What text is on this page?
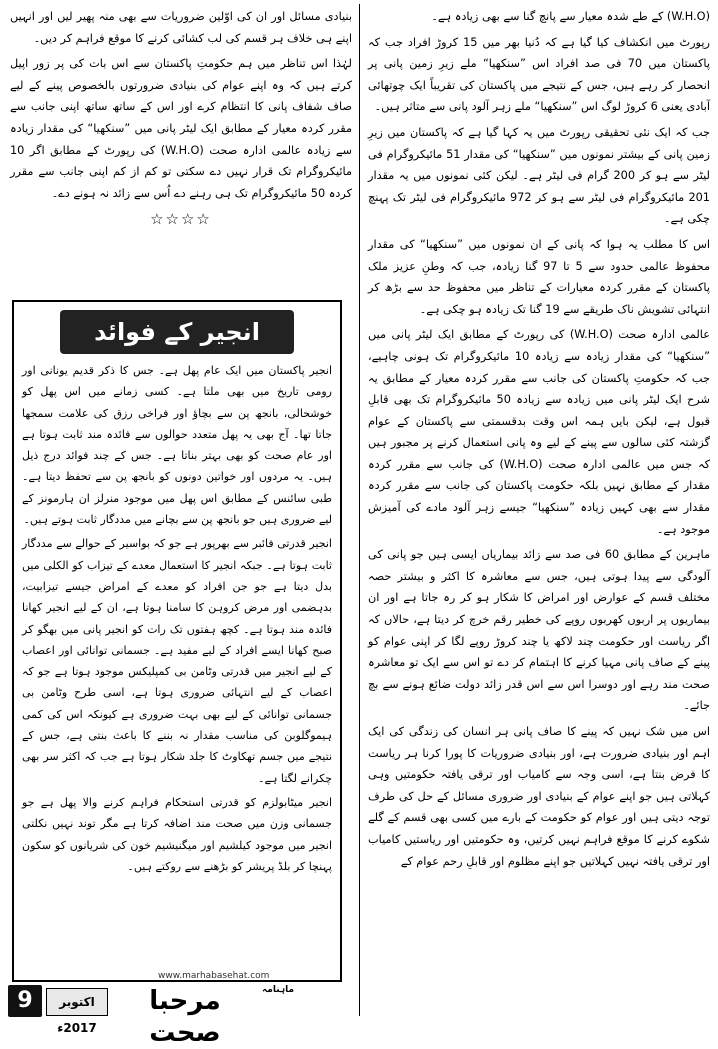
(W.H.O) کے طے شدہ معیار سے پانچ گنا سے بھی زیادہ ہے۔

رپورٹ میں انکشاف کیا گیا ہے کہ دُنیا بھر میں 15 کروڑ افراد جب کہ پاکستان میں 70 فی صد افراد اس ”سنکھیا“ ملے زیرِ زمین پانی پر انحصار کر رہے ہیں، جس کے نتیجے میں پاکستان کی تقریباً ایک چوتھائی آبادی یعنی 6 کروڑ لوگ اس ”سنکھیا“ ملے زہر آلود پانی سے متاثر ہیں۔

جب کہ ایک نئی تحقیقی رپورٹ میں یہ کہا گیا ہے کہ پاکستان میں زیرِ زمین پانی کے بیشتر نمونوں میں ”سنکھیا“ کی مقدار 51 مائیکروگرام فی لیٹر سے ہو کر 200 گرام فی لیٹر ہے۔ لیکن کئی نمونوں میں یہ مقدار 201 مائیکروگرام فی لیٹر سے ہو کر 972 مائیکروگرام فی لیٹر تک پہنچ چکی ہے۔

اس کا مطلب یہ ہوا کہ پانی کے ان نمونوں میں ”سنکھیا“ کی مقدار محفوظ عالمی حدود سے 5 تا 97 گنا زیادہ، جب کہ وطنِ عزیز ملک پاکستان کے مقرر کردہ معیارات کے تناظر میں محفوظ حد سے بڑھ کر انتہائی تشویش ناک طریقے سے 19 گنا تک زیادہ ہو چکی ہے۔

عالمی ادارہ صحت (W.H.O) کی رپورٹ کے مطابق ایک لیٹر پانی میں ”سنکھیا“ کی مقدار زیادہ سے زیادہ 10 مائیکروگرام تک ہونی چاہیے، جب کہ حکومتِ پاکستان کی جانب سے مقرر کردہ معیار کے مطابق یہ شرح ایک لیٹر پانی میں زیادہ سے زیادہ 50 مائیکروگرام تک بھی قابلِ قبول ہے، لیکن بایں ہمہ اس وقت بدقسمتی سے پاکستان کے عوام گزشتہ کئی سالوں سے پینے کے لیے وہ پانی استعمال کرنے پر مجبور ہیں کہ جس میں عالمی ادارہ صحت (W.H.O) کی جانب سے مقرر کردہ مقدار کے مطابق نہیں بلکہ حکومت پاکستان کی جانب سے مقرر کردہ مقدار سے بھی کہیں زیادہ ”سنکھیا“ جیسے زہر آلود مادے کی آمیزش موجود ہے۔

ماہرین کے مطابق 60 فی صد سے زائد بیماریاں ایسی ہیں جو پانی کی آلودگی سے پیدا ہوتی ہیں، جس سے معاشرہ کا اکثر و بیشتر حصہ مختلف قسم کے عوارض اور امراض کا شکار ہو کر رہ جاتا ہے اور ان بیماریوں پر اربوں کھربوں روپے کی خطیر رقم خرچ کر دیتا ہے، حالاں کہ اگر ریاست اور حکومت چند لاکھ یا چند کروڑ روپے لگا کر اپنی عوام کو پینے کے صاف پانی مہیا کرنے کا اہتمام کر دے تو اس سے ایک تو معاشرہ صحت مند رہے اور دوسرا اس سے اس قدر زائد دولت ضائع ہونے سے بچ جائے۔

اس میں شک نہیں کہ پینے کا صاف پانی ہر انسان کی زندگی کی ایک اہم اور بنیادی ضرورت ہے، اور بنیادی ضروریات کا پورا کرنا ہر ریاست کا فرض بنتا ہے، اسی وجہ سے کامیاب اور ترقی یافتہ حکومتیں وہی کہلاتی ہیں جو اپنے عوام کے بنیادی اور ضروری مسائل کے حل کی طرف توجہ دیتی ہیں اور عوام کو حکومت کے بارے میں کسی بھی قسم کے گلے شکوے کرنے کا موقع فراہم نہیں کرتیں، وہ حکومتیں اور ریاستیں کامیاب اور ترقی یافتہ نہیں کہلاتیں جو اپنے مظلوم اور قابلِ رحم عوام کے

بنیادی مسائل اور ان کی اوّلین ضروریات سے بھی منہ پھیر لیں اور انہیں اپنے ہی خلاف ہر قسم کی لب کشائی کرنے کا موقع فراہم کر دیں۔

لہٰذا اس تناظر میں ہم حکومتِ پاکستان سے اس بات کی پر زور اپیل کرتے ہیں کہ وہ اپنے عوام کی بنیادی ضرورتوں بالخصوص پینے کے لیے صاف شفاف پانی کا انتظام کرے اور اس کے ساتھ ساتھ اپنی جانب سے مقرر کردہ معیار کے مطابق ایک لیٹر پانی میں ”سنکھیا“ کی مقدار زیادہ سے زیادہ عالمی ادارہ صحت (W.H.O) کی رپورٹ کے مطابق اگر 10 مائیکروگرام تک قرار نہیں دے سکتی تو کم از کم اپنی جانب سے مقرر کردہ 50 مائیکروگرام تک ہی رہنے دے اُس سے زائد نہ ہونے دے۔

☆☆☆☆
انجیر کے فوائد

انجیر پاکستان میں ایک عام پھل ہے۔ جس کا ذکر قدیم یونانی اور رومی تاریخ میں بھی ملتا ہے۔ کسی زمانے میں اس پھل کو خوشحالی، بانجھ پن سے بچاؤ اور فراخی رزق کی علامت سمجھا جاتا تھا۔ آج بھی یہ پھل متعدد حوالوں سے فائدہ مند ثابت ہوتا ہے اور عام صحت کو بھی بہتر بناتا ہے۔ جس کے چند فوائد درج ذیل ہیں۔ یہ مردوں اور خواتین دونوں کو بانجھ پن سے تحفظ دیتا ہے۔ طبی سائنس کے مطابق اس پھل میں موجود منرلز ان ہارمونز کے لیے ضروری ہیں جو بانجھ پن سے بچانے میں مددگار ثابت ہوتے ہیں۔

انجیر قدرتی فائبر سے بھرپور ہے جو کہ بواسیر کے حوالے سے مددگار ثابت ہوتا ہے۔ جبکہ انجیر کا استعمال معدے کے تیزاب کو الکلی میں بدل دیتا ہے جو جن افراد کو معدے کے امراض جیسے تیزابیت، بدہضمی اور مرض کروہن کا سامنا ہوتا ہے، ان کے لیے انجیر کھانا فائدہ مند ہوتا ہے۔ کچھ ہفتوں تک رات کو انجیر پانی میں بھگو کر صبح کھانا ایسے افراد کے لیے مفید ہے۔ جسمانی توانائی اور اعصاب کے لیے انجیر میں قدرتی وٹامن بی کمپلیکس موجود ہوتا ہے جو کہ اعصاب کے لیے انتہائی ضروری ہوتا ہے، اسی طرح وٹامن بی جسمانی توانائی کے لیے بھی بہت ضروری ہے کیونکہ اس کی کمی ہیموگلوبن کی مناسب مقدار نہ بننے کا باعث بنتی ہے، جس کے نتیجے میں جسم تھکاوٹ کا جلد شکار ہوتا ہے جب کہ اکثر سر بھی چکرانے لگتا ہے۔

انجیر میٹابولزم کو قدرتی استحکام فراہم کرنے والا پھل ہے جو جسمانی وزن میں صحت مند اضافہ کرتا ہے مگر توند نہیں نکلتی انجیر میں موجود کیلشیم اور میگنیشیم خون کی شریانوں کو سکون پہنچا کر بلڈ پریشر کو بڑھنے سے روکتے ہیں۔

9	اکتوبر 2017ء
مرحبا صحت
ماہنامہ
www.marhabasehat.com
